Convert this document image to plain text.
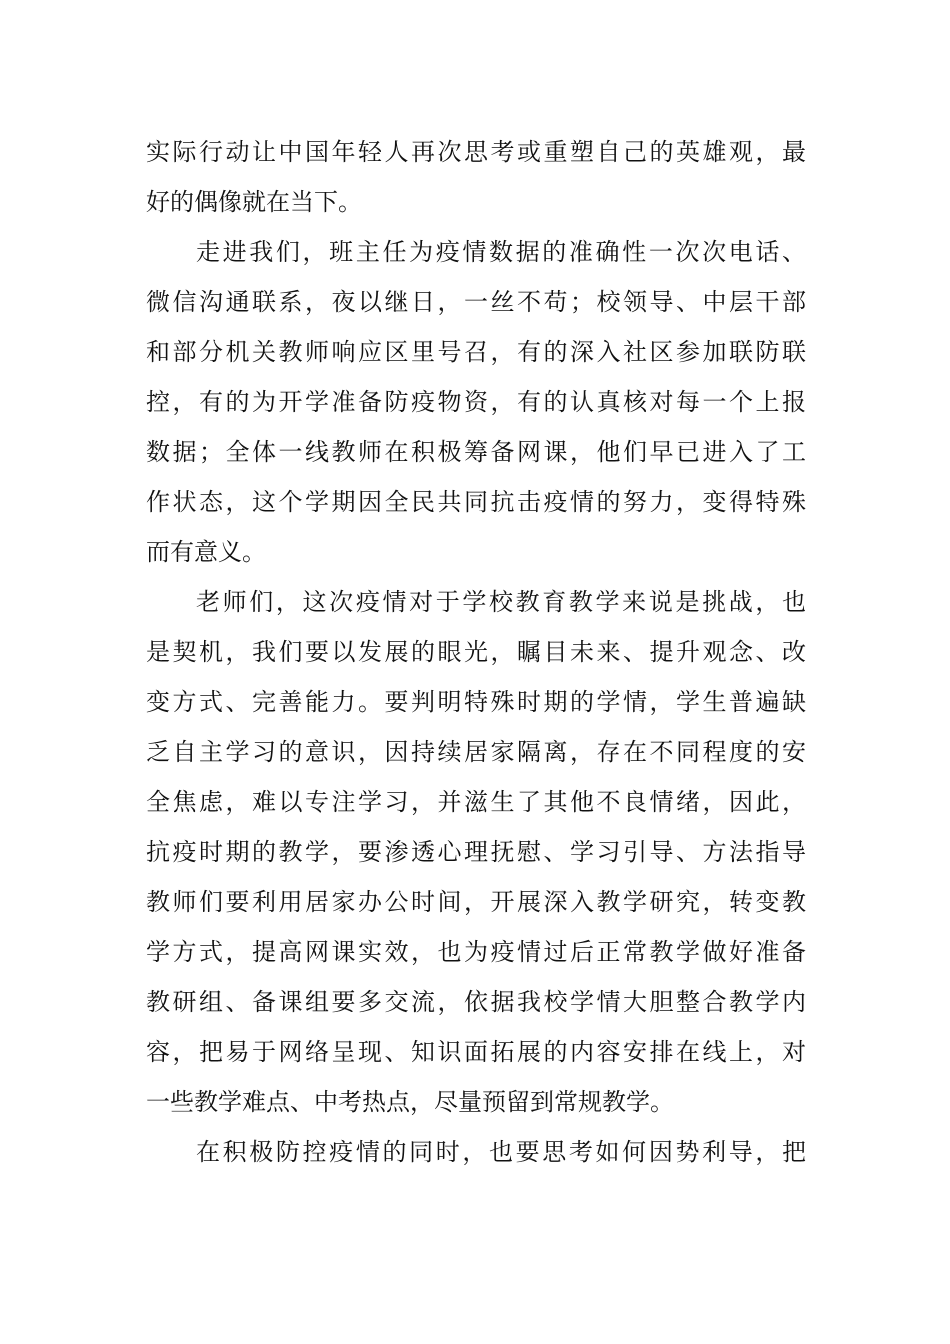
实际行动让中国年轻人再次思考或重塑自己的英雄观，最
好的偶像就在当下。
走进我们，班主任为疫情数据的准确性一次次电话、
微信沟通联系，夜以继日，一丝不苟；校领导、中层干部
和部分机关教师响应区里号召，有的深入社区参加联防联
控，有的为开学准备防疫物资，有的认真核对每一个上报
数据；全体一线教师在积极筹备网课，他们早已进入了工
作状态，这个学期因全民共同抗击疫情的努力，变得特殊
而有意义。
老师们，这次疫情对于学校教育教学来说是挑战，也
是契机，我们要以发展的眼光，瞩目未来、提升观念、改
变方式、完善能力。要判明特殊时期的学情，学生普遍缺
乏自主学习的意识，因持续居家隔离，存在不同程度的安
全焦虑，难以专注学习，并滋生了其他不良情绪，因此，
抗疫时期的教学，要渗透心理抚慰、学习引导、方法指导
教师们要利用居家办公时间，开展深入教学研究，转变教
学方式，提高网课实效，也为疫情过后正常教学做好准备
教研组、备课组要多交流，依据我校学情大胆整合教学内
容，把易于网络呈现、知识面拓展的内容安排在线上，对
一些教学难点、中考热点，尽量预留到常规教学。
在积极防控疫情的同时，也要思考如何因势利导，把
